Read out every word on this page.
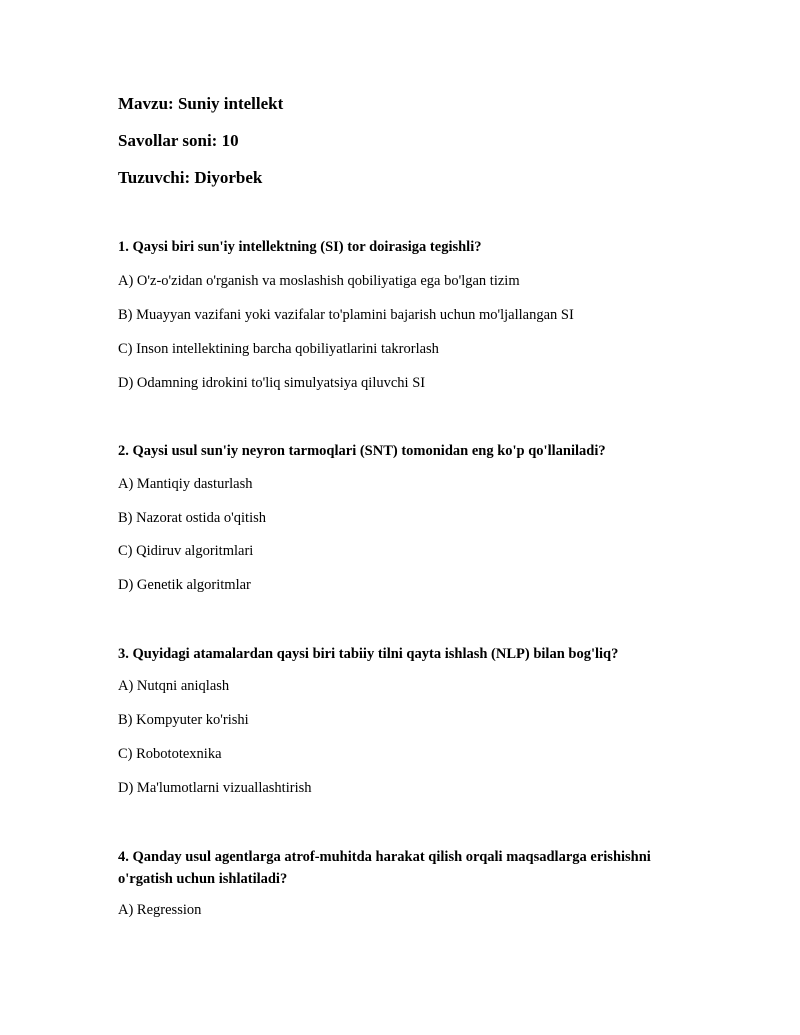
Mavzu: Suniy intellekt
Savollar soni: 10
Tuzuvchi: Diyorbek
1. Qaysi biri sun'iy intellektning (SI) tor doirasiga tegishli?
A) O'z-o'zidan o'rganish va moslashish qobiliyatiga ega bo'lgan tizim
B) Muayyan vazifani yoki vazifalar to'plamini bajarish uchun mo'ljallangan SI
C) Inson intellektining barcha qobiliyatlarini takrorlash
D) Odamning idrokini to'liq simulyatsiya qiluvchi SI
2. Qaysi usul sun'iy neyron tarmoqlari (SNT) tomonidan eng ko'p qo'llaniladi?
A) Mantiqiy dasturlash
B) Nazorat ostida o'qitish
C) Qidiruv algoritmlari
D) Genetik algoritmlar
3. Quyidagi atamalardan qaysi biri tabiiy tilni qayta ishlash (NLP) bilan bog'liq?
A) Nutqni aniqlash
B) Kompyuter ko'rishi
C) Robototexnika
D) Ma'lumotlarni vizuallashtirish
4. Qanday usul agentlarga atrof-muhitda harakat qilish orqali maqsadlarga erishishni o'rgatish uchun ishlatiladi?
A) Regression
